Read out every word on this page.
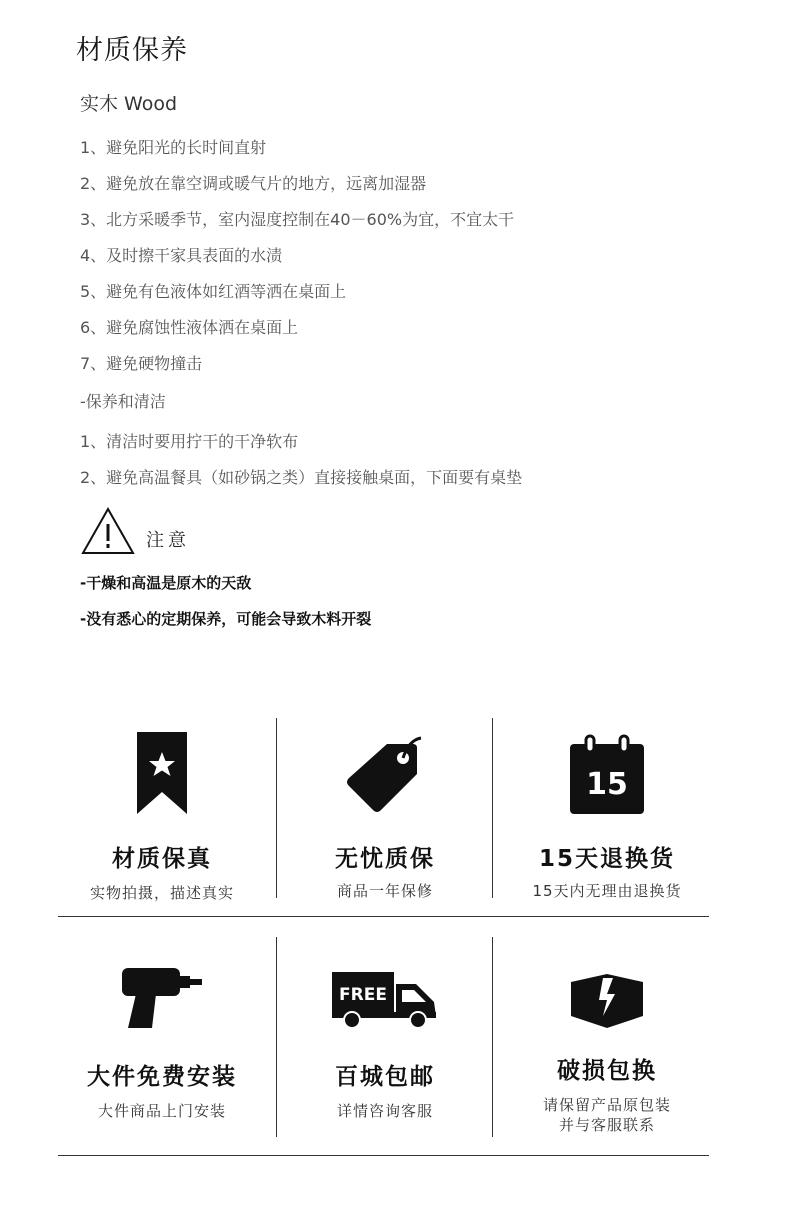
材质保养
实木 Wood
1、避免阳光的长时间直射
2、避免放在靠空调或暖气片的地方，远离加湿器
3、北方采暖季节，室内湿度控制在40－60%为宜，不宜太干
4、及时擦干家具表面的水渍
5、避免有色液体如红酒等洒在桌面上
6、避免腐蚀性液体洒在桌面上
7、避免硬物撞击
-保养和清洁
1、清洁时要用拧干的干净软布
2、避免高温餐具（如砂锅之类）直接接触桌面，下面要有桌垫
注意
-干燥和高温是原木的天敌
-没有悉心的定期保养，可能会导致木料开裂
材质保真
实物拍摄，描述真实
无忧质保
商品一年保修
15
15天退换货
15天内无理由退换货
大件免费安装
大件商品上门安装
FREE
百城包邮
详情咨询客服
破损包换
请保留产品原包装
并与客服联系
